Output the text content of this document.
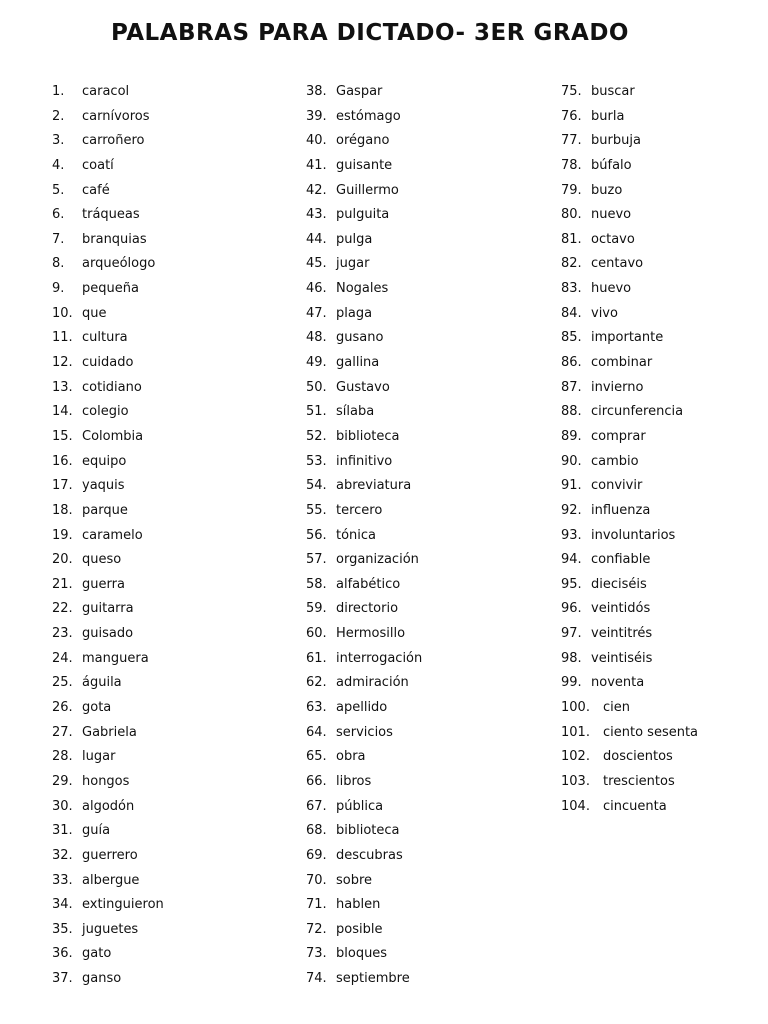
PALABRAS PARA DICTADO- 3ER GRADO
1. caracol
2. carnívoros
3. carroñero
4. coatí
5. café
6. tráqueas
7. branquias
8. arqueólogo
9. pequeña
10. que
11. cultura
12. cuidado
13. cotidiano
14. colegio
15. Colombia
16. equipo
17. yaquis
18. parque
19. caramelo
20. queso
21. guerra
22. guitarra
23. guisado
24. manguera
25. águila
26. gota
27. Gabriela
28. lugar
29. hongos
30. algodón
31. guía
32. guerrero
33. albergue
34. extinguieron
35. juguetes
36. gato
37. ganso
38. Gaspar
39. estómago
40. orégano
41. guisante
42. Guillermo
43. pulguita
44. pulga
45. jugar
46. Nogales
47. plaga
48. gusano
49. gallina
50. Gustavo
51. sílaba
52. biblioteca
53. infinitivo
54. abreviatura
55. tercero
56. tónica
57. organización
58. alfabético
59. directorio
60. Hermosillo
61. interrogación
62. admiración
63. apellido
64. servicios
65. obra
66. libros
67. pública
68. biblioteca
69. descubras
70. sobre
71. hablen
72. posible
73. bloques
74. septiembre
75. buscar
76. burla
77. burbuja
78. búfalo
79. buzo
80. nuevo
81. octavo
82. centavo
83. huevo
84. vivo
85. importante
86. combinar
87. invierno
88. circunferencia
89. comprar
90. cambio
91. convivir
92. influenza
93. involuntarios
94. confiable
95. dieciséis
96. veintidós
97. veintitrés
98. veintiséis
99. noventa
100. cien
101. ciento sesenta
102. doscientos
103. trescientos
104. cincuenta
